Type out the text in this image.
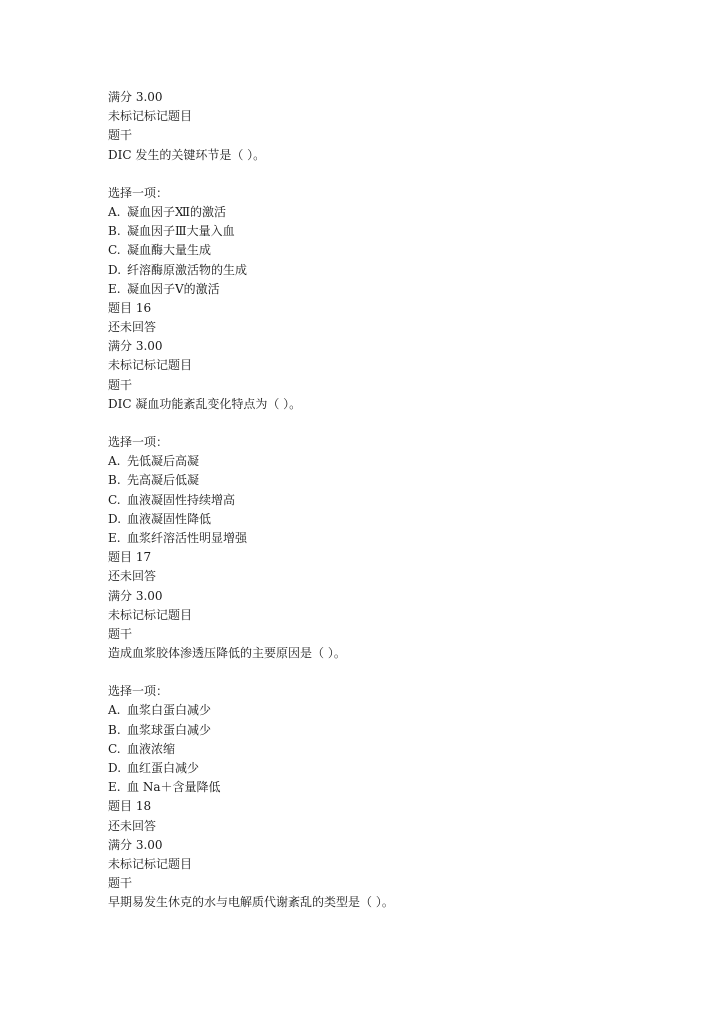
满分 3.00
未标记标记题目
题干
DIC 发生的关键环节是（ ）。
选择一项：
A. 凝血因子Ⅻ的激活
B. 凝血因子Ⅲ大量入血
C. 凝血酶大量生成
D. 纤溶酶原激活物的生成
E. 凝血因子Ⅴ的激活
题目 16
还未回答
满分 3.00
未标记标记题目
题干
DIC 凝血功能紊乱变化特点为（ ）。
选择一项：
A. 先低凝后高凝
B. 先高凝后低凝
C. 血液凝固性持续增高
D. 血液凝固性降低
E. 血浆纤溶活性明显增强
题目 17
还未回答
满分 3.00
未标记标记题目
题干
造成血浆胶体渗透压降低的主要原因是（ ）。
选择一项：
A. 血浆白蛋白减少
B. 血浆球蛋白减少
C. 血液浓缩
D. 血红蛋白减少
E. 血 Na＋含量降低
题目 18
还未回答
满分 3.00
未标记标记题目
题干
早期易发生休克的水与电解质代谢紊乱的类型是（ ）。
